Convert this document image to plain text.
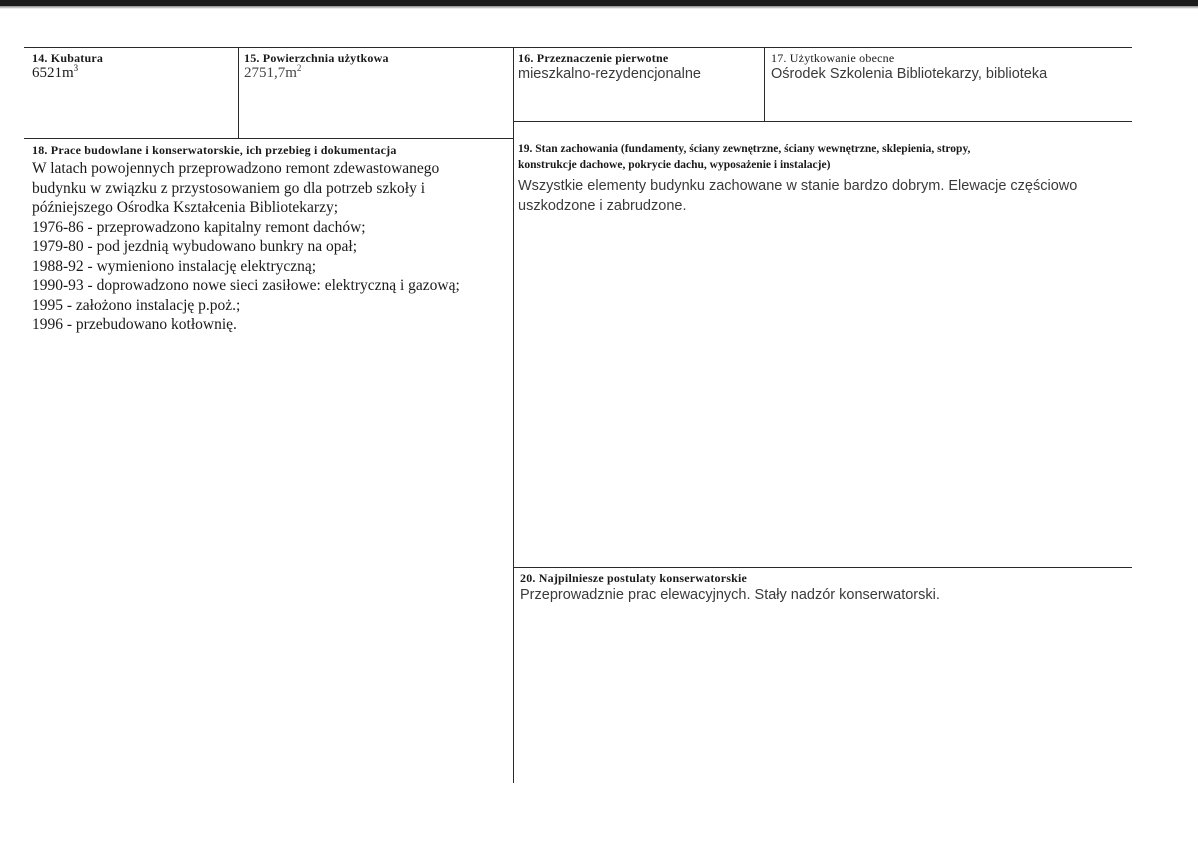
14. Kubatura
$6521m^3$
15. Powierzchnia użytkowa
$2751,7m^2$
16. Przeznaczenie pierwotne
mieszkalno-rezydencjonalne
17. Użytkowanie obecne
Ośrodek Szkolenia Bibliotekarzy, biblioteka
18. Prace budowlane i konserwatorskie, ich przebieg i dokumentacja
W latach powojennych przeprowadzono remont zdewastowanego
budynku w związku z przystosowaniem go dla potrzeb szkoły i
późniejszego Ośrodka Kształcenia Bibliotekarzy;
1976-86 - przeprowadzono kapitalny remont dachów;
1979-80 - pod jezdnią wybudowano bunkry na opał;
1988-92 - wymieniono instalację elektryczną;
1990-93 - doprowadzono nowe sieci zasiłowe: elektryczną i gazową;
1995 - założono instalację p.poż.;
1996 - przebudowano kotłownię.
19. Stan zachowania (fundamenty, ściany zewnętrzne, ściany wewnętrzne, sklepienia, stropy,
konstrukcje dachowe, pokrycie dachu, wyposażenie i instalacje)
Wszystkie elementy budynku zachowane w stanie bardzo dobrym. Elewacje częściowo
uszkodzone i zabrudzone.
20. Najpilniesze postulaty konserwatorskie
Przeprowadznie prac elewacyjnych. Stały nadzór konserwatorski.
